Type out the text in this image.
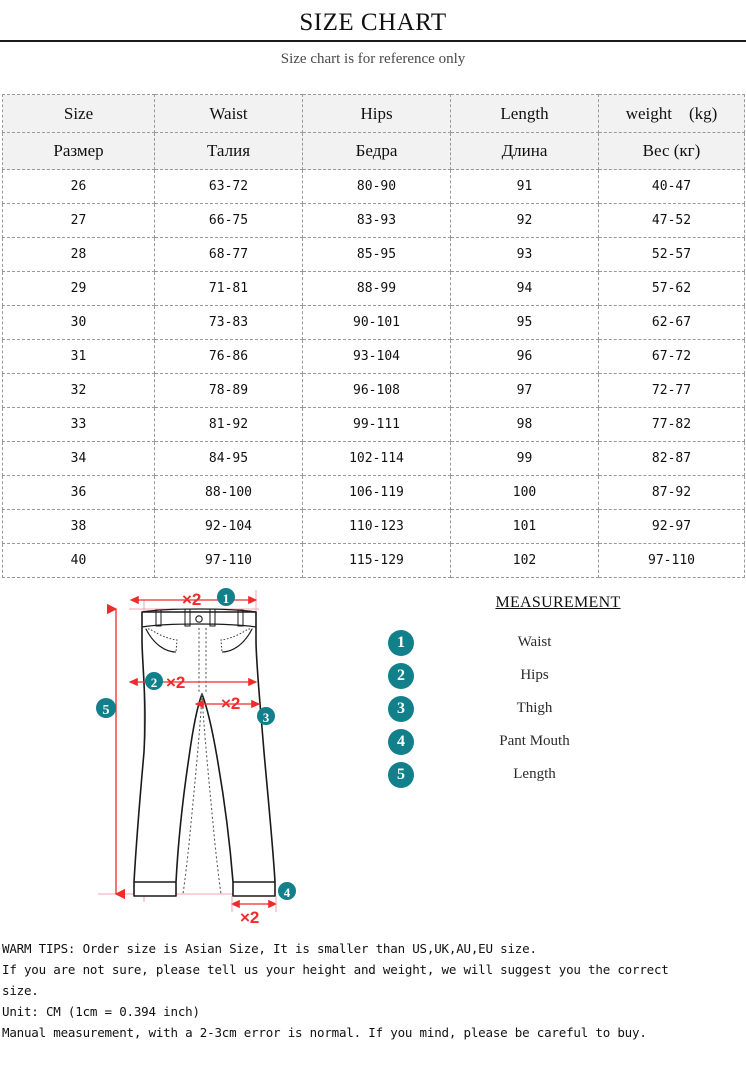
SIZE CHART
Size chart is for reference only
Size	Waist	Hips	Length	weight (kg)
Размер	Талия	Бедра	Длина	Вес (кг)
26	63-72	80-90	91	40-47
27	66-75	83-93	92	47-52
28	68-77	85-95	93	52-57
29	71-81	88-99	94	57-62
30	73-83	90-101	95	62-67
31	76-86	93-104	96	67-72
32	78-89	96-108	97	72-77
33	81-92	99-111	98	77-82
34	84-95	102-114	99	82-87
36	88-100	106-119	100	87-92
38	92-104	110-123	101	92-97
40	97-110	115-129	102	97-110
×2 1
2 ×2
×2
3
×2
4
5
MEASUREMENT
1	Waist
2	Hips
3	Thigh
4	Pant Mouth
5	Length

WARM TIPS: Order size is Asian Size, It is smaller than US,UK,AU,EU size.

If you are not sure, please tell us your height and weight, we will suggest you the correct

size.

Unit: CM (1cm = 0.394 inch)

Manual measurement, with a 2-3cm error is normal. If you mind, please be careful to buy.
